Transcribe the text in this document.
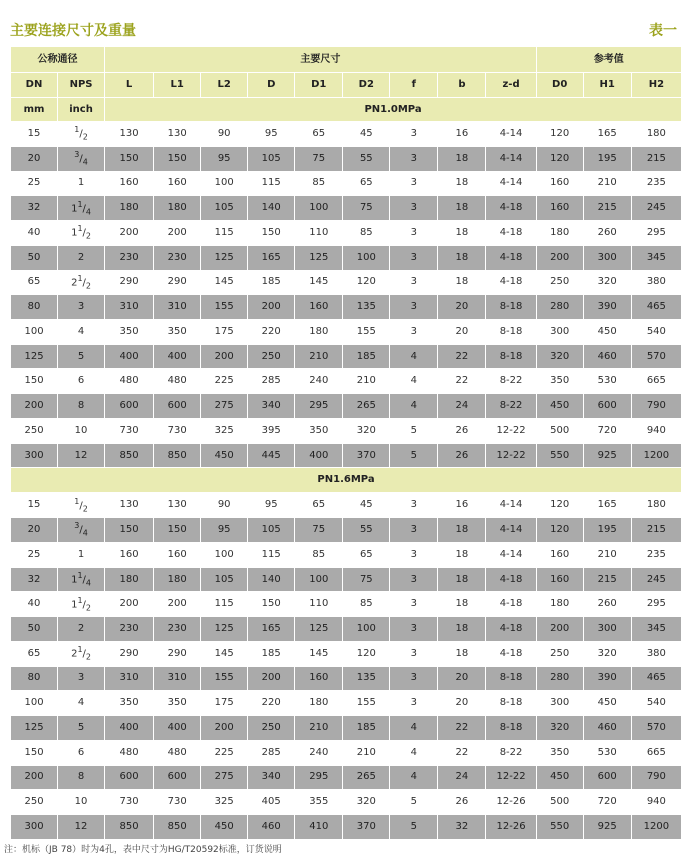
主要连接尺寸及重量	表一
公称通径		主要尺寸									参考值		
DN	NPS	L	L1	L2	D	D1	D2	f	b	z-d	D0	H1	H2
mm	inch	PN1.0MPa											
15	$^1/_2$	130	130	90	95	65	45	3	16	4-14	120	165	180
20	$^3/_4$	150	150	95	105	75	55	3	18	4-14	120	195	215
25	1	160	160	100	115	85	65	3	18	4-14	160	210	235
32	$1^1/_4$	180	180	105	140	100	75	3	18	4-18	160	215	245
40	$1^1/_2$	200	200	115	150	110	85	3	18	4-18	180	260	295
50	2	230	230	125	165	125	100	3	18	4-18	200	300	345
65	$2^1/_2$	290	290	145	185	145	120	3	18	4-18	250	320	380
80	3	310	310	155	200	160	135	3	20	8-18	280	390	465
100	4	350	350	175	220	180	155	3	20	8-18	300	450	540
125	5	400	400	200	250	210	185	4	22	8-18	320	460	570
150	6	480	480	225	285	240	210	4	22	8-22	350	530	665
200	8	600	600	275	340	295	265	4	24	8-22	450	600	790
250	10	730	730	325	395	350	320	5	26	12-22	500	720	940
300	12	850	850	450	445	400	370	5	26	12-22	550	925	1200
PN1.6MPa													
15	$^1/_2$	130	130	90	95	65	45	3	16	4-14	120	165	180
20	$^3/_4$	150	150	95	105	75	55	3	18	4-14	120	195	215
25	1	160	160	100	115	85	65	3	18	4-14	160	210	235
32	$1^1/_4$	180	180	105	140	100	75	3	18	4-18	160	215	245
40	$1^1/_2$	200	200	115	150	110	85	3	18	4-18	180	260	295
50	2	230	230	125	165	125	100	3	18	4-18	200	300	345
65	$2^1/_2$	290	290	145	185	145	120	3	18	4-18	250	320	380
80	3	310	310	155	200	160	135	3	20	8-18	280	390	465
100	4	350	350	175	220	180	155	3	20	8-18	300	450	540
125	5	400	400	200	250	210	185	4	22	8-18	320	460	570
150	6	480	480	225	285	240	210	4	22	8-22	350	530	665
200	8	600	600	275	340	295	265	4	24	12-22	450	600	790
250	10	730	730	325	405	355	320	5	26	12-26	500	720	940
300	12	850	850	450	460	410	370	5	32	12-26	550	925	1200
注：机标（JB 78）时为4孔，表中尺寸为HG/T20592标准，订货说明
